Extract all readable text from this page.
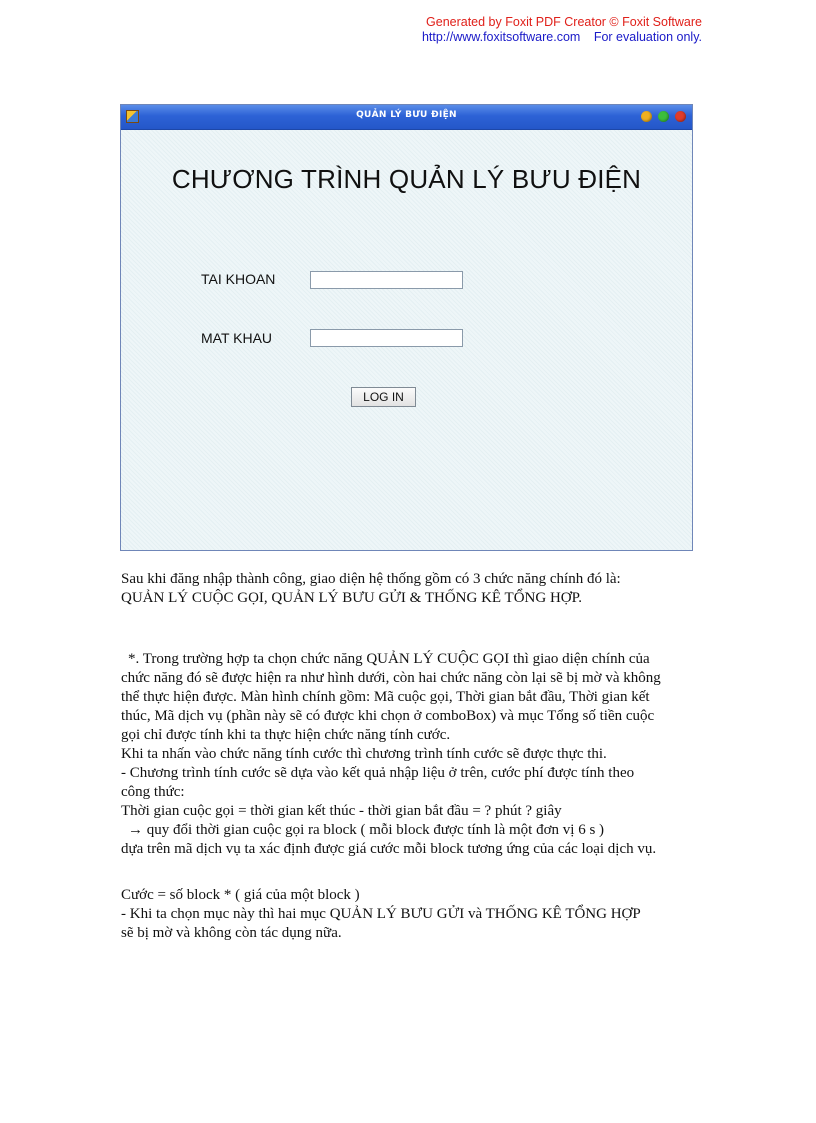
Generated by Foxit PDF Creator © Foxit Software
http://www.foxitsoftware.com For evaluation only.
QUẢN LÝ BƯU ĐIỆN
CHƯƠNG TRÌNH QUẢN LÝ BƯU ĐIỆN
TAI KHOAN
MAT KHAU
LOG IN

Sau khi đăng nhập thành công, giao diện hệ thống gồm có 3 chức năng chính đó là:

QUẢN LÝ CUỘC GỌI, QUẢN LÝ BƯU GỬI & THỐNG KÊ TỔNG HỢP.

*. Trong trường hợp ta chọn chức năng QUẢN LÝ CUỘC GỌI thì giao diện chính của

chức năng đó sẽ được hiện ra như hình dưới, còn hai chức năng còn lại sẽ bị mờ và không

thể thực hiện được. Màn hình chính gồm: Mã cuộc gọi, Thời gian bắt đầu, Thời gian kết

thúc, Mã dịch vụ (phần này sẽ có được khi chọn ở comboBox) và mục Tổng số tiền cuộc

gọi chỉ được tính khi ta thực hiện chức năng tính cước.

Khi ta nhấn vào chức năng tính cước thì chương trình tính cước sẽ được thực thi.

- Chương trình tính cước sẽ dựa vào kết quả nhập liệu ở trên, cước phí được tính theo

công thức:

Thời gian cuộc gọi = thời gian kết thúc - thời gian bắt đầu = ? phút ? giây

→ quy đổi thời gian cuộc gọi ra block ( mỗi block được tính là một đơn vị 6 s )

dựa trên mã dịch vụ ta xác định được giá cước mỗi block tương ứng của các loại dịch vụ.

Cước = số block * ( giá của một block )

- Khi ta chọn mục này thì hai mục QUẢN LÝ BƯU GỬI và THỐNG KÊ TỔNG HỢP

sẽ bị mờ và không còn tác dụng nữa.
